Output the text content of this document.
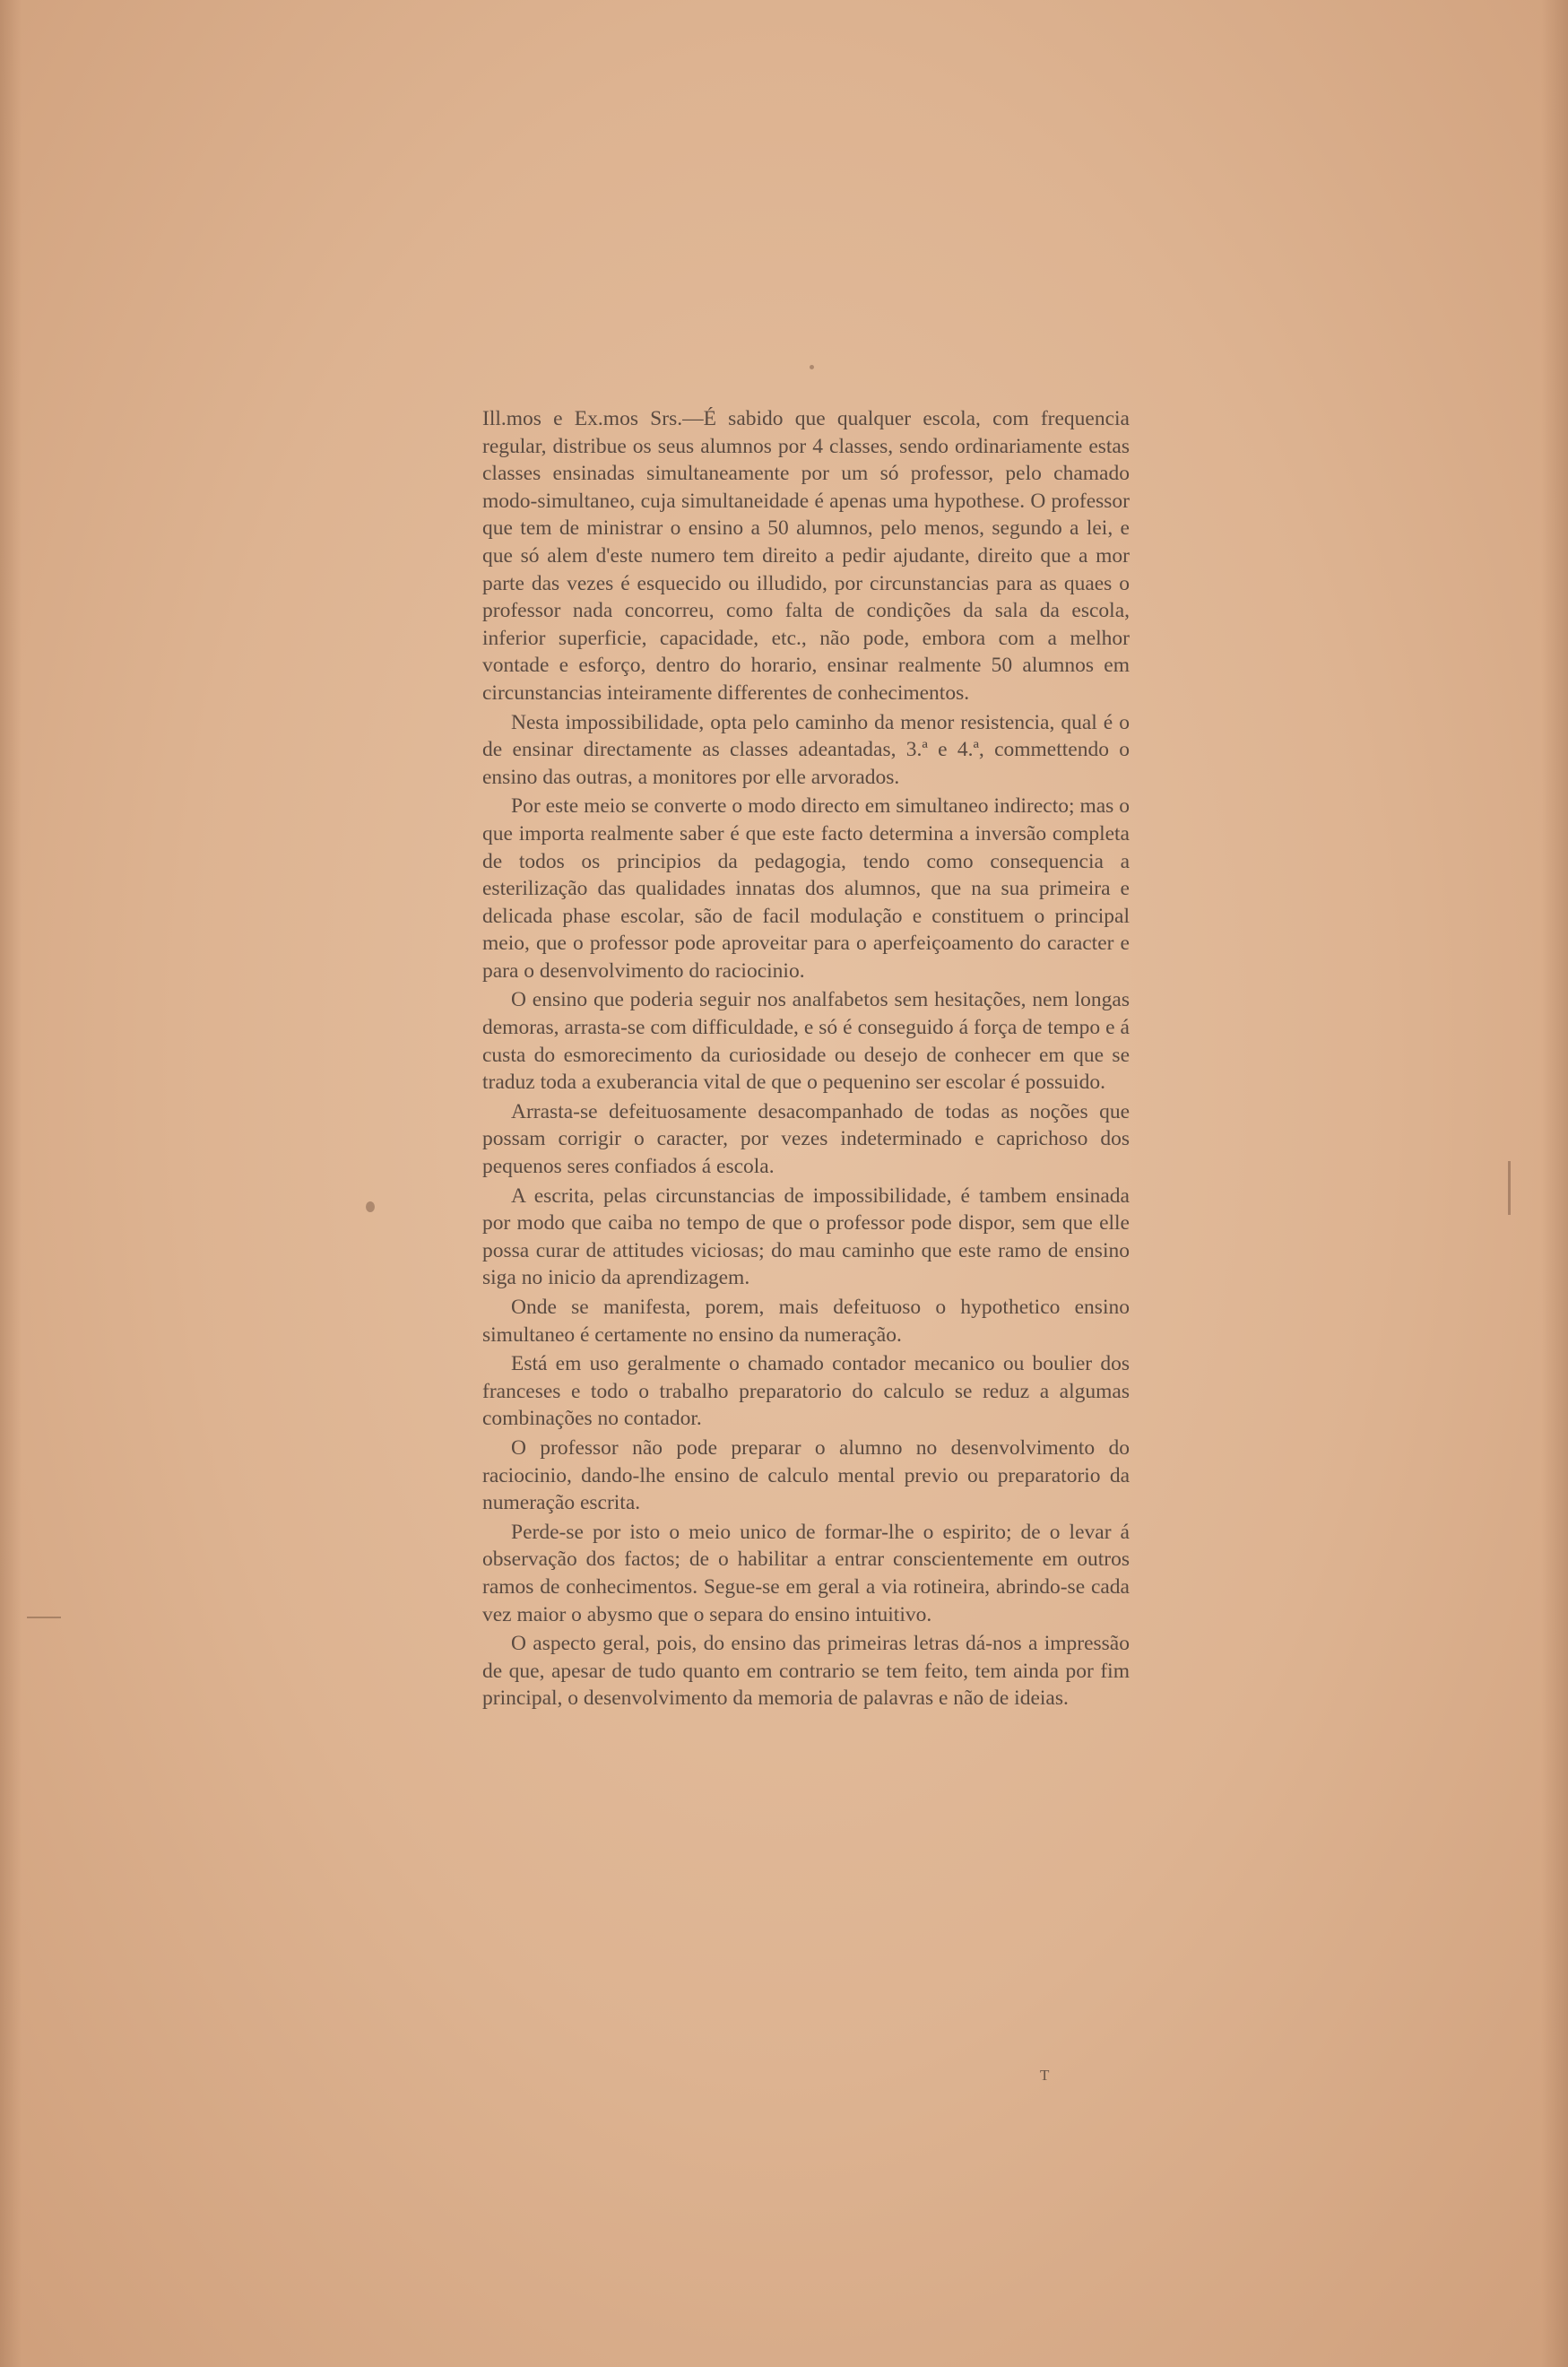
Ill.mos e Ex.mos Srs.—É sabido que qualquer escola, com frequencia regular, distribue os seus alumnos por 4 classes, sendo ordinariamente estas classes ensinadas simultaneamente por um só professor, pelo chamado modo-simultaneo, cuja simultaneidade é apenas uma hypothese. O professor que tem de ministrar o ensino a 50 alumnos, pelo menos, segundo a lei, e que só alem d'este numero tem direito a pedir ajudante, direito que a mor parte das vezes é esquecido ou illudido, por circunstancias para as quaes o professor nada concorreu, como falta de condições da sala da escola, inferior superficie, capacidade, etc., não pode, embora com a melhor vontade e esforço, dentro do horario, ensinar realmente 50 alumnos em circunstancias inteiramente differentes de conhecimentos.

Nesta impossibilidade, opta pelo caminho da menor resistencia, qual é o de ensinar directamente as classes adeantadas, 3.ª e 4.ª, commettendo o ensino das outras, a monitores por elle arvorados.

Por este meio se converte o modo directo em simultaneo indirecto; mas o que importa realmente saber é que este facto determina a inversão completa de todos os principios da pedagogia, tendo como consequencia a esterilização das qualidades innatas dos alumnos, que na sua primeira e delicada phase escolar, são de facil modulação e constituem o principal meio, que o professor pode aproveitar para o aperfeiçoamento do caracter e para o desenvolvimento do raciocinio.

O ensino que poderia seguir nos analfabetos sem hesitações, nem longas demoras, arrasta-se com difficuldade, e só é conseguido á força de tempo e á custa do esmorecimento da curiosidade ou desejo de conhecer em que se traduz toda a exuberancia vital de que o pequenino ser escolar é possuido.

Arrasta-se defeituosamente desacompanhado de todas as noções que possam corrigir o caracter, por vezes indeterminado e caprichoso dos pequenos seres confiados á escola.

A escrita, pelas circunstancias de impossibilidade, é tambem ensinada por modo que caiba no tempo de que o professor pode dispor, sem que elle possa curar de attitudes viciosas; do mau caminho que este ramo de ensino siga no inicio da aprendizagem.

Onde se manifesta, porem, mais defeituoso o hypothetico ensino simultaneo é certamente no ensino da numeração.

Está em uso geralmente o chamado contador mecanico ou boulier dos franceses e todo o trabalho preparatorio do calculo se reduz a algumas combinações no contador.

O professor não pode preparar o alumno no desenvolvimento do raciocinio, dando-lhe ensino de calculo mental previo ou preparatorio da numeração escrita.

Perde-se por isto o meio unico de formar-lhe o espirito; de o levar á observação dos factos; de o habilitar a entrar conscientemente em outros ramos de conhecimentos. Segue-se em geral a via rotineira, abrindo-se cada vez maior o abysmo que o separa do ensino intuitivo.

O aspecto geral, pois, do ensino das primeiras letras dá-nos a impressão de que, apesar de tudo quanto em contrario se tem feito, tem ainda por fim principal, o desenvolvimento da memoria de palavras e não de ideias.

T
